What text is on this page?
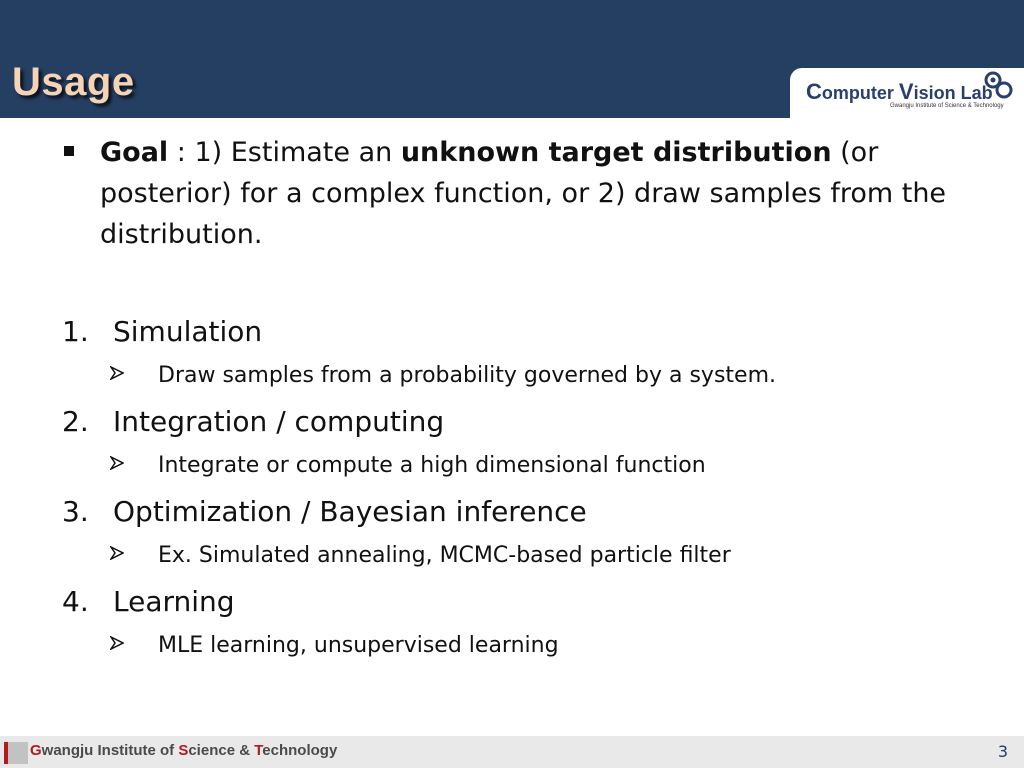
Usage	Computer Vision Lab
Gwangju Institute of Science & Technology
Goal : 1) Estimate an unknown target distribution (or posterior) for a complex function, or 2) draw samples from the distribution.
1. Simulation
Draw samples from a probability governed by a system.
2. Integration / computing
Integrate or compute a high dimensional function
3. Optimization / Bayesian inference
Ex. Simulated annealing, MCMC-based particle filter
4. Learning
MLE learning, unsupervised learning
Gwangju Institute of Science & Technology	3
